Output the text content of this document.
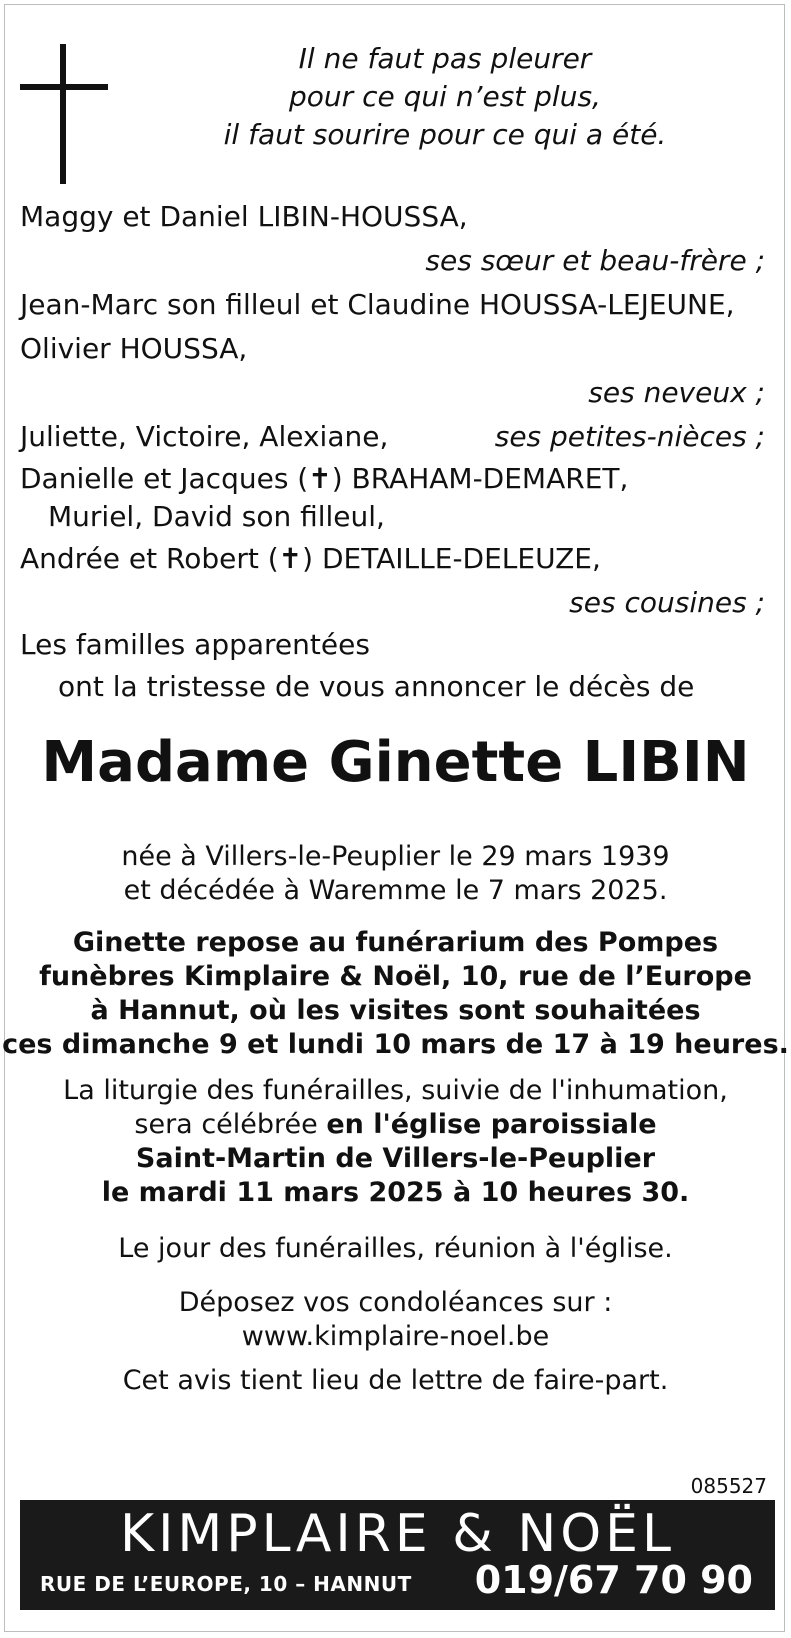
Il ne faut pas pleurer
pour ce qui n’est plus,
il faut sourire pour ce qui a été.
Maggy et Daniel LIBIN-HOUSSA,
ses sœur et beau-frère ;
Jean-Marc son filleul et Claudine HOUSSA-LEJEUNE,
Olivier HOUSSA,
ses neveux ;
Juliette, Victoire, Alexiane,	ses petites-nièces ;
Danielle et Jacques (✝) BRAHAM-DEMARET,
Muriel, David son filleul,
Andrée et Robert (✝) DETAILLE-DELEUZE,
ses cousines ;
Les familles apparentées
ont la tristesse de vous annoncer le décès de
Madame Ginette LIBIN
née à Villers-le-Peuplier le 29 mars 1939
et décédée à Waremme le 7 mars 2025.
Ginette repose au funérarium des Pompes
funèbres Kimplaire & Noël, 10, rue de l’Europe
à Hannut, où les visites sont souhaitées
ces dimanche 9 et lundi 10 mars de 17 à 19 heures.
La liturgie des funérailles, suivie de l'inhumation,
sera célébrée en l'église paroissiale
Saint-Martin de Villers-le-Peuplier
le mardi 11 mars 2025 à 10 heures 30.
Le jour des funérailles, réunion à l'église.
Déposez vos condoléances sur :
www.kimplaire-noel.be
Cet avis tient lieu de lettre de faire-part.
085527
KIMPLAIRE & NOËL
RUE DE L’EUROPE, 10 – HANNUT 019/67 70 90
